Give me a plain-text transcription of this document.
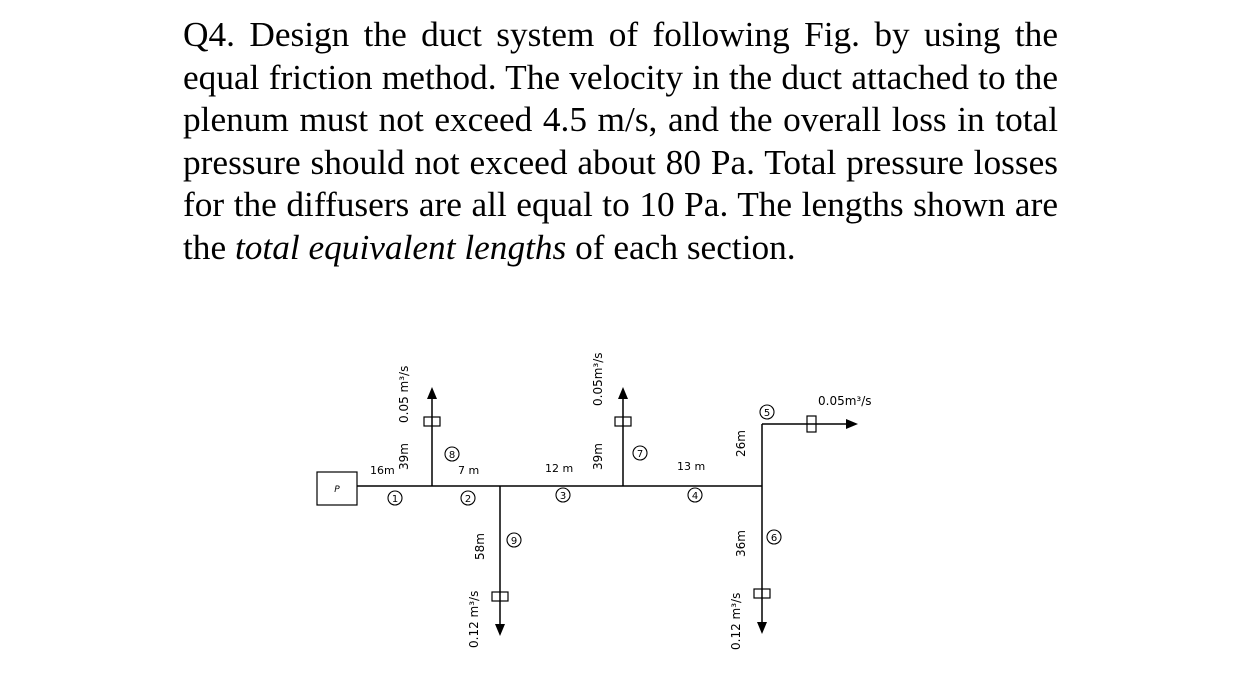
Q4. Design the duct system of following Fig. by using the equal friction method. The velocity in the duct attached to the plenum must not exceed 4.5 m/s, and the overall loss in total pressure should not exceed about 80 Pa. Total pressure losses for the diffusers are all equal to 10 Pa. The lengths shown are the total equivalent lengths of each section.
1	2	3	4
5
6
7
8
9
P
16m	7 m	12 m	13 m
39m
0.05 m³/s
39m
0.05m³/s
58m
0.12 m³/s
26m
36m
0.12 m³/s
0.05m³/s
